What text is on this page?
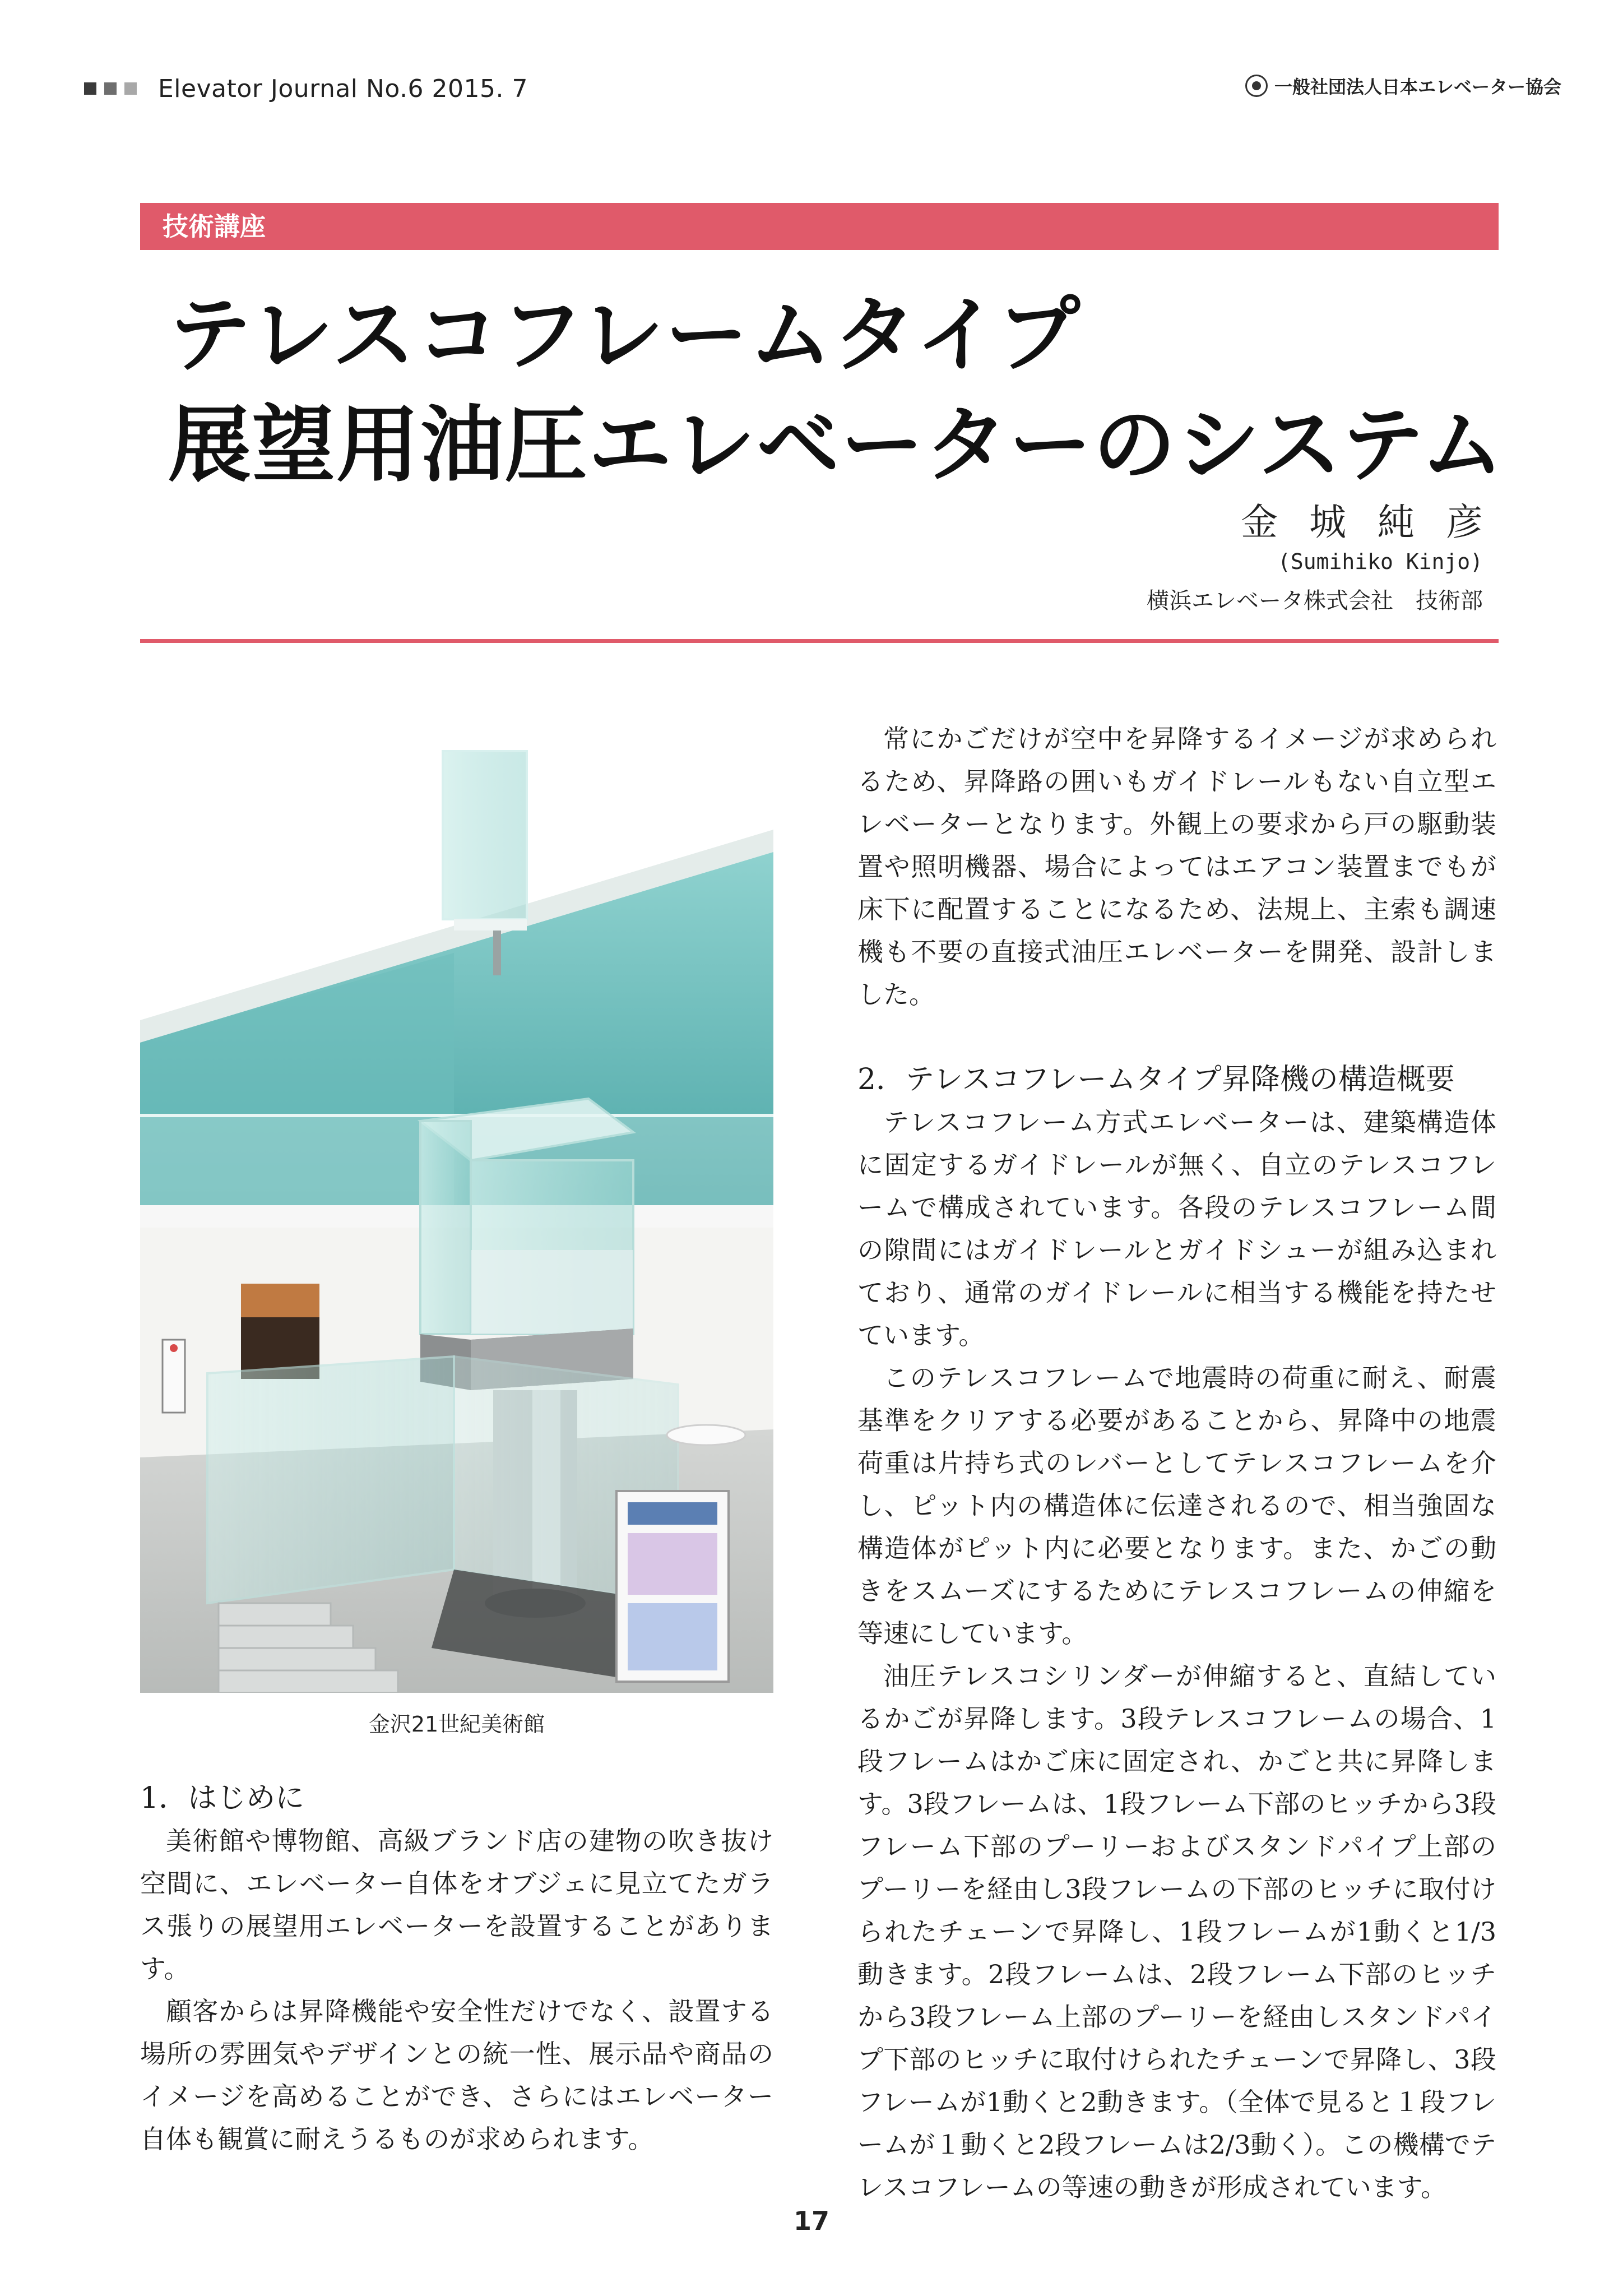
Elevator Journal No.6 2015. 7	一般社団法人日本エレベーター協会
技術講座
テレスコフレームタイプ
展望用油圧エレベーターのシステム
金城純彦
(Sumihiko Kinjo)
横浜エレベータ株式会社　技術部
金沢21世紀美術館
1．はじめに

美術館や博物館、高級ブランド店の建物の吹き抜け空間に、エレベーター自体をオブジェに見立てたガラス張りの展望用エレベーターを設置することがあります。

顧客からは昇降機能や安全性だけでなく、設置する場所の雰囲気やデザインとの統一性、展示品や商品のイメージを高めることができ、さらにはエレベーター自体も観賞に耐えうるものが求められます。

常にかごだけが空中を昇降するイメージが求められるため、昇降路の囲いもガイドレールもない自立型エレベーターとなります。外観上の要求から戸の駆動装置や照明機器、場合によってはエアコン装置までもが床下に配置することになるため、法規上、主索も調速機も不要の直接式油圧エレベーターを開発、設計しました。

2．テレスコフレームタイプ昇降機の構造概要

テレスコフレーム方式エレベーターは、建築構造体に固定するガイドレールが無く、自立のテレスコフレームで構成されています。各段のテレスコフレーム間の隙間にはガイドレールとガイドシューが組み込まれており、通常のガイドレールに相当する機能を持たせています。

このテレスコフレームで地震時の荷重に耐え、耐震基準をクリアする必要があることから、昇降中の地震荷重は片持ち式のレバーとしてテレスコフレームを介し、ピット内の構造体に伝達されるので、相当強固な構造体がピット内に必要となります。また、かごの動きをスムーズにするためにテレスコフレームの伸縮を等速にしています。

油圧テレスコシリンダーが伸縮すると、直結しているかごが昇降します。3段テレスコフレームの場合、1段フレームはかご床に固定され、かごと共に昇降します。3段フレームは、1段フレーム下部のヒッチから3段フレーム下部のプーリーおよびスタンドパイプ上部のプーリーを経由し3段フレームの下部のヒッチに取付けられたチェーンで昇降し、1段フレームが1動くと1/3動きます。2段フレームは、2段フレーム下部のヒッチから3段フレーム上部のプーリーを経由しスタンドパイプ下部のヒッチに取付けられたチェーンで昇降し、3段フレームが1動くと2動きます。（全体で見ると１段フレームが１動くと2段フレームは2/3動く）。この機構でテレスコフレームの等速の動きが形成されています。

17
